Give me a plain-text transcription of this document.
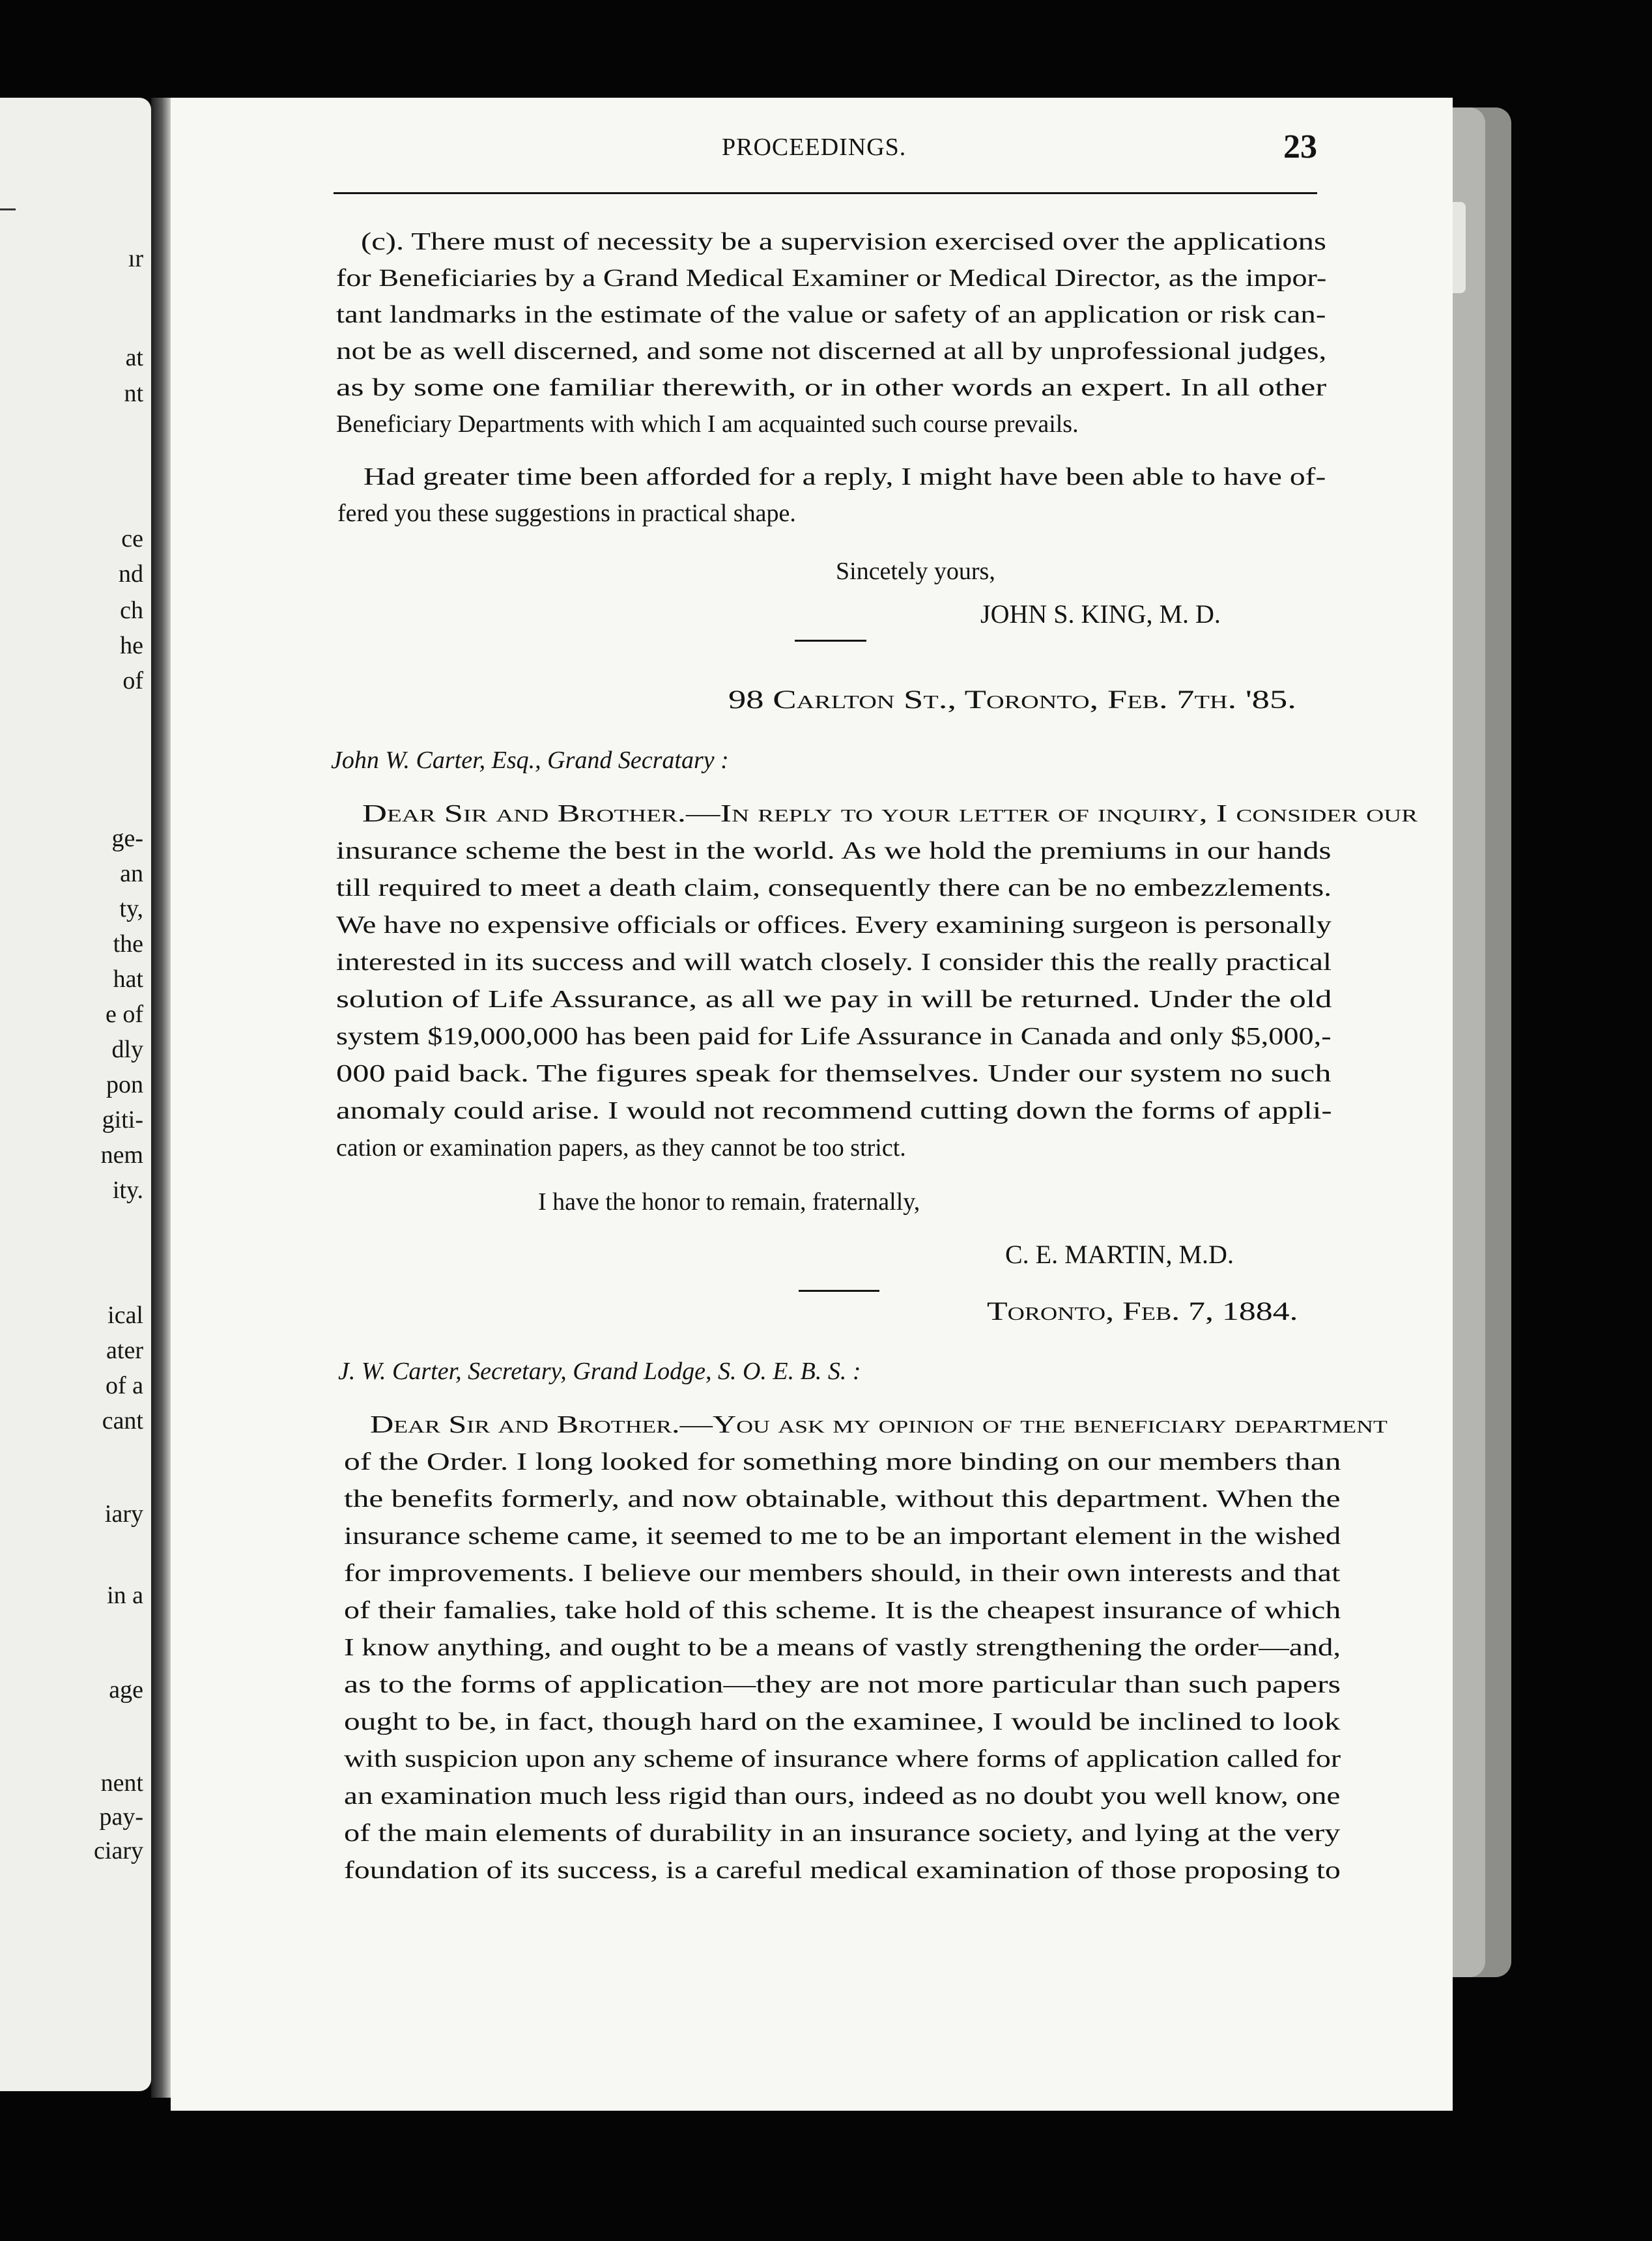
ır
at
nt
ce
nd
ch
he
of
ge-
an
ty,
the
hat
e of
dly
pon
giti-
nem
ity.
ical
ater
of a
cant
iary
in a
age
nent
pay-
ciary
PROCEEDINGS.	23
(c). There must of necessity be a supervision exercised over the applications
for Beneficiaries by a Grand Medical Examiner or Medical Director, as the impor-
tant landmarks in the estimate of the value or safety of an application or risk can-
not be as well discerned, and some not discerned at all by unprofessional judges,
as by some one familiar therewith, or in other words an expert. In all other
Beneficiary Departments with which I am acquainted such course prevails.
Had greater time been afforded for a reply, I might have been able to have of-
fered you these suggestions in practical shape.
Sincetely yours,
JOHN S. KING, M. D.
98 Carlton St., Toronto, Feb. 7th. '85.
John W. Carter, Esq., Grand Secratary :
Dear Sir and Brother.—In reply to your letter of inquiry, I consider our
insurance scheme the best in the world. As we hold the premiums in our hands
till required to meet a death claim, consequently there can be no embezzlements.
We have no expensive officials or offices. Every examining surgeon is personally
interested in its success and will watch closely. I consider this the really practical
solution of Life Assurance, as all we pay in will be returned. Under the old
system $19,000,000 has been paid for Life Assurance in Canada and only $5,000,-
000 paid back. The figures speak for themselves. Under our system no such
anomaly could arise. I would not recommend cutting down the forms of appli-
cation or examination papers, as they cannot be too strict.
I have the honor to remain, fraternally,
C. E. MARTIN, M.D.
Toronto, Feb. 7, 1884.
J. W. Carter, Secretary, Grand Lodge, S. O. E. B. S. :
Dear Sir and Brother.—You ask my opinion of the beneficiary department
of the Order. I long looked for something more binding on our members than
the benefits formerly, and now obtainable, without this department. When the
insurance scheme came, it seemed to me to be an important element in the wished
for improvements. I believe our members should, in their own interests and that
of their famalies, take hold of this scheme. It is the cheapest insurance of which
I know anything, and ought to be a means of vastly strengthening the order—and,
as to the forms of application—they are not more particular than such papers
ought to be, in fact, though hard on the examinee, I would be inclined to look
with suspicion upon any scheme of insurance where forms of application called for
an examination much less rigid than ours, indeed as no doubt you well know, one
of the main elements of durability in an insurance society, and lying at the very
foundation of its success, is a careful medical examination of those proposing to
